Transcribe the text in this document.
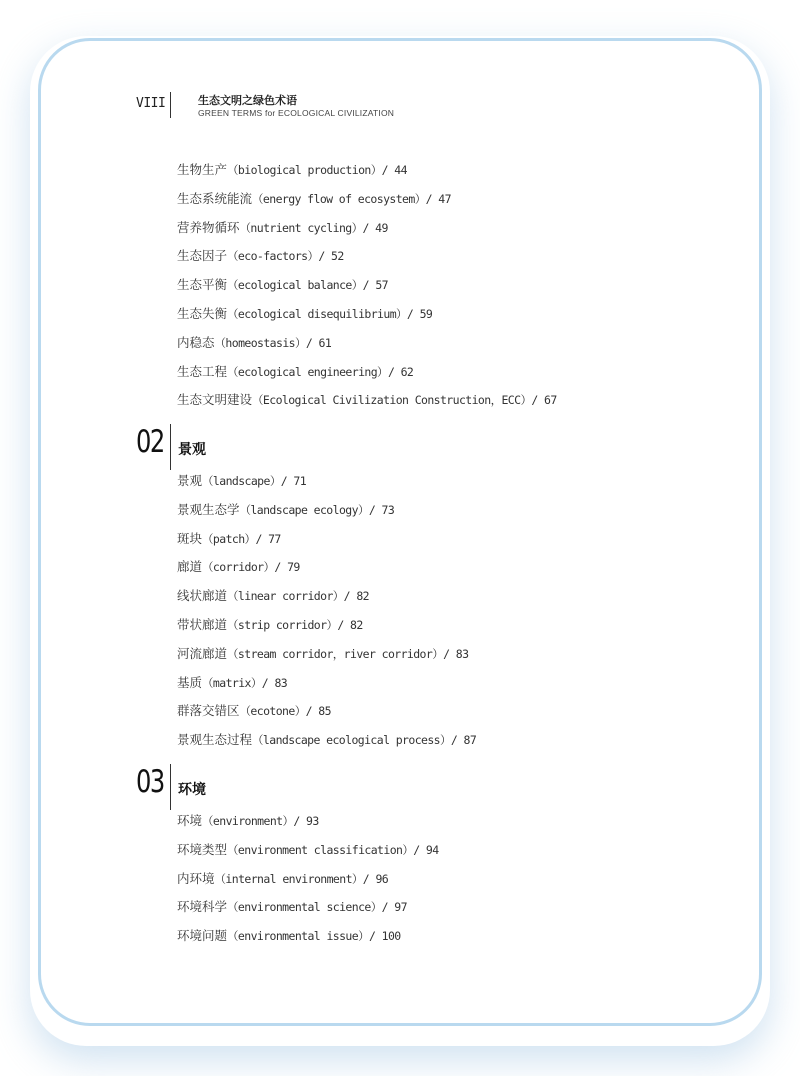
VIII	生态文明之绿色术语
GREEN TERMS for ECOLOGICAL CIVILIZATION
生物生产（biological production）/ 44
生态系统能流（energy flow of ecosystem）/ 47
营养物循环（nutrient cycling）/ 49
生态因子（eco-factors）/ 52
生态平衡（ecological balance）/ 57
生态失衡（ecological disequilibrium）/ 59
内稳态（homeostasis）/ 61
生态工程（ecological engineering）/ 62
生态文明建设（Ecological Civilization Construction，ECC）/ 67
02 景观
景观（landscape）/ 71
景观生态学（landscape ecology）/ 73
斑块（patch）/ 77
廊道（corridor）/ 79
线状廊道（linear corridor）/ 82
带状廊道（strip corridor）/ 82
河流廊道（stream corridor，river corridor）/ 83
基质（matrix）/ 83
群落交错区（ecotone）/ 85
景观生态过程（landscape ecological process）/ 87
03 环境
环境（environment）/ 93
环境类型（environment classification）/ 94
内环境（internal environment）/ 96
环境科学（environmental science）/ 97
环境问题（environmental issue）/ 100
